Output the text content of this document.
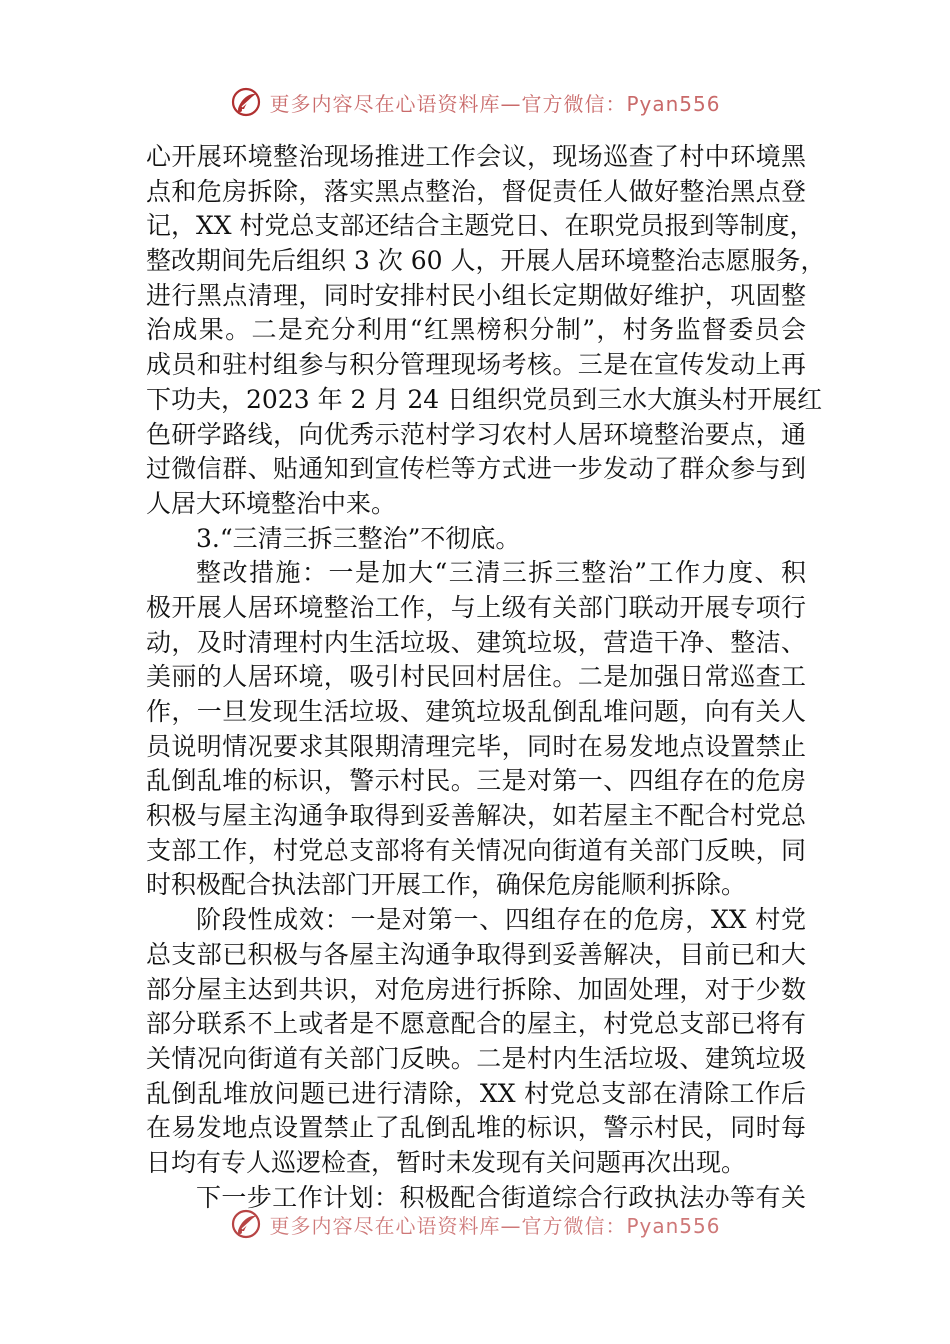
更多内容尽在心语资料库—官方微信：Pyan556
心开展环境整治现场推进工作会议，现场巡查了村中环境黑
点和危房拆除，落实黑点整治，督促责任人做好整治黑点登
记，XX 村党总支部还结合主题党日、在职党员报到等制度，
整改期间先后组织 3 次 60 人，开展人居环境整治志愿服务，
进行黑点清理，同时安排村民小组长定期做好维护，巩固整
治成果。二是充分利用“红黑榜积分制”，村务监督委员会
成员和驻村组参与积分管理现场考核。三是在宣传发动上再
下功夫，2023 年 2 月 24 日组织党员到三水大旗头村开展红
色研学路线，向优秀示范村学习农村人居环境整治要点，通
过微信群、贴通知到宣传栏等方式进一步发动了群众参与到
人居大环境整治中来。
3.“三清三拆三整治”不彻底。
整改措施：一是加大“三清三拆三整治”工作力度、积
极开展人居环境整治工作，与上级有关部门联动开展专项行
动，及时清理村内生活垃圾、建筑垃圾，营造干净、整洁、
美丽的人居环境，吸引村民回村居住。二是加强日常巡查工
作，一旦发现生活垃圾、建筑垃圾乱倒乱堆问题，向有关人
员说明情况要求其限期清理完毕，同时在易发地点设置禁止
乱倒乱堆的标识，警示村民。三是对第一、四组存在的危房
积极与屋主沟通争取得到妥善解决，如若屋主不配合村党总
支部工作，村党总支部将有关情况向街道有关部门反映，同
时积极配合执法部门开展工作，确保危房能顺利拆除。
阶段性成效：一是对第一、四组存在的危房，XX 村党
总支部已积极与各屋主沟通争取得到妥善解决，目前已和大
部分屋主达到共识，对危房进行拆除、加固处理，对于少数
部分联系不上或者是不愿意配合的屋主，村党总支部已将有
关情况向街道有关部门反映。二是村内生活垃圾、建筑垃圾
乱倒乱堆放问题已进行清除，XX 村党总支部在清除工作后
在易发地点设置禁止了乱倒乱堆的标识，警示村民，同时每
日均有专人巡逻检查，暂时未发现有关问题再次出现。
下一步工作计划：积极配合街道综合行政执法办等有关
更多内容尽在心语资料库—官方微信：Pyan556
